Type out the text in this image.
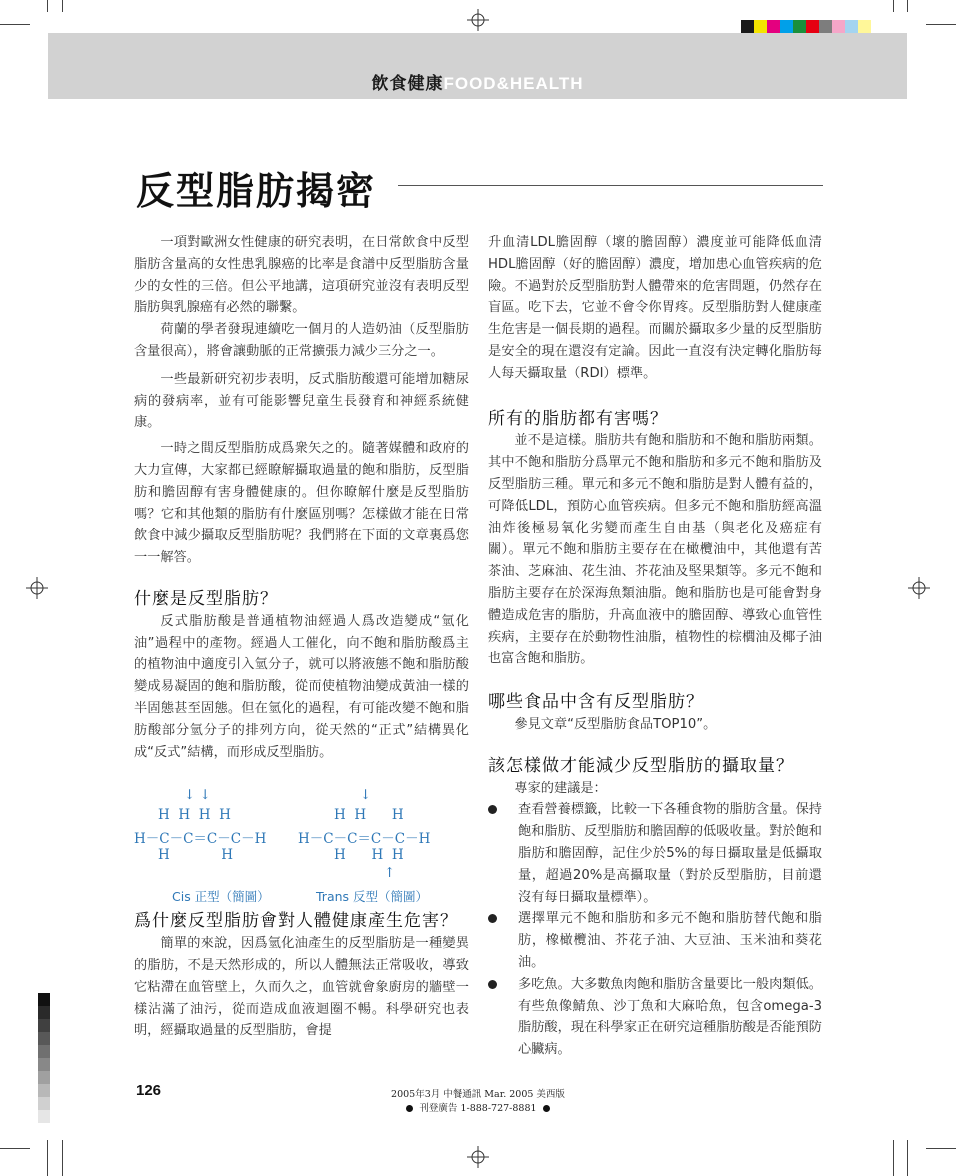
飲食健康FOOD&HEALTH
反型脂肪揭密

一項對歐洲女性健康的研究表明，在日常飲食中反型脂肪含量高的女性患乳腺癌的比率是食譜中反型脂肪含量少的女性的三倍。但公平地講，這項研究並沒有表明反型脂肪與乳腺癌有必然的聯繫。

荷蘭的學者發現連續吃一個月的人造奶油（反型脂肪含量很高），將會讓動脈的正常擴張力減少三分之一。

一些最新研究初步表明，反式脂肪酸還可能增加糖尿病的發病率，並有可能影響兒童生長發育和神經系統健康。

一時之間反型脂肪成爲衆矢之的。隨著媒體和政府的大力宣傳，大家都已經瞭解攝取過量的飽和脂肪，反型脂肪和膽固醇有害身體健康的。但你瞭解什麼是反型脂肪嗎？它和其他類的脂肪有什麼區別嗎？怎樣做才能在日常飲食中減少攝取反型脂肪呢？我們將在下面的文章裏爲您一一解答。

什麼是反型脂肪？

反式脂肪酸是普通植物油經過人爲改造變成“氫化油”過程中的產物。經過人工催化，向不飽和脂肪酸爲主的植物油中適度引入氫分子，就可以將液態不飽和脂肪酸變成易凝固的飽和脂肪酸，從而使植物油變成黃油一樣的半固態甚至固態。但在氫化的過程，有可能改變不飽和脂肪酸部分氫分子的排列方向，從天然的“正式”結構異化成“反式”結構，而形成反型脂肪。

爲什麼反型脂肪會對人體健康產生危害？

簡單的來說，因爲氫化油產生的反型脂肪是一種變異的脂肪，不是天然形成的，所以人體無法正常吸收，導致它粘滯在血管壁上，久而久之，血管就會象廚房的牆壁一樣沾滿了油污，從而造成血液迴圈不暢。科學研究也表明，經攝取過量的反型脂肪，會提

↓ ↓
H  H  H  H
H－C－C＝C－C－H
H            H
↓
H  H      H
H－C－C＝C－C－H
H      H  H
↑
Cis 正型（簡圖）	Trans 反型（簡圖）

升血清LDL膽固醇（壞的膽固醇）濃度並可能降低血清HDL膽固醇（好的膽固醇）濃度，增加患心血管疾病的危險。不過對於反型脂肪對人體帶來的危害問題，仍然存在盲區。吃下去，它並不會令你胃疼。反型脂肪對人健康產生危害是一個長期的過程。而關於攝取多少量的反型脂肪是安全的現在還沒有定論。因此一直沒有決定轉化脂肪每人每天攝取量（RDI）標準。

所有的脂肪都有害嗎？

並不是這樣。脂肪共有飽和脂肪和不飽和脂肪兩類。其中不飽和脂肪分爲單元不飽和脂肪和多元不飽和脂肪及反型脂肪三種。單元和多元不飽和脂肪是對人體有益的，可降低LDL，預防心血管疾病。但多元不飽和脂肪經高溫油炸後極易氧化劣變而產生自由基（與老化及癌症有關）。單元不飽和脂肪主要存在在橄欖油中，其他還有苦茶油、芝麻油、花生油、芥花油及堅果類等。多元不飽和脂肪主要存在於深海魚類油脂。飽和脂肪也是可能會對身體造成危害的脂肪，升高血液中的膽固醇、導致心血管性疾病，主要存在於動物性油脂，植物性的棕櫚油及椰子油也富含飽和脂肪。

哪些食品中含有反型脂肪？

參見文章“反型脂肪食品TOP10”。

該怎樣做才能減少反型脂肪的攝取量？

專家的建議是：

查看營養標籤，比較一下各種食物的脂肪含量。保持飽和脂肪、反型脂肪和膽固醇的低吸收量。對於飽和脂肪和膽固醇，記住少於5%的每日攝取量是低攝取量，超過20%是高攝取量（對於反型脂肪，目前還沒有每日攝取量標準）。
選擇單元不飽和脂肪和多元不飽和脂肪替代飽和脂肪，橡橄欖油、芥花子油、大豆油、玉米油和葵花油。
多吃魚。大多數魚肉飽和脂肪含量要比一般肉類低。有些魚像鯖魚、沙丁魚和大麻哈魚，包含omega-3脂肪酸，現在科學家正在研究這種脂肪酸是否能預防心臟病。
126	2005年3月 中餐通訊 Mar. 2005 美西版
刊登廣告 1-888-727-8881
